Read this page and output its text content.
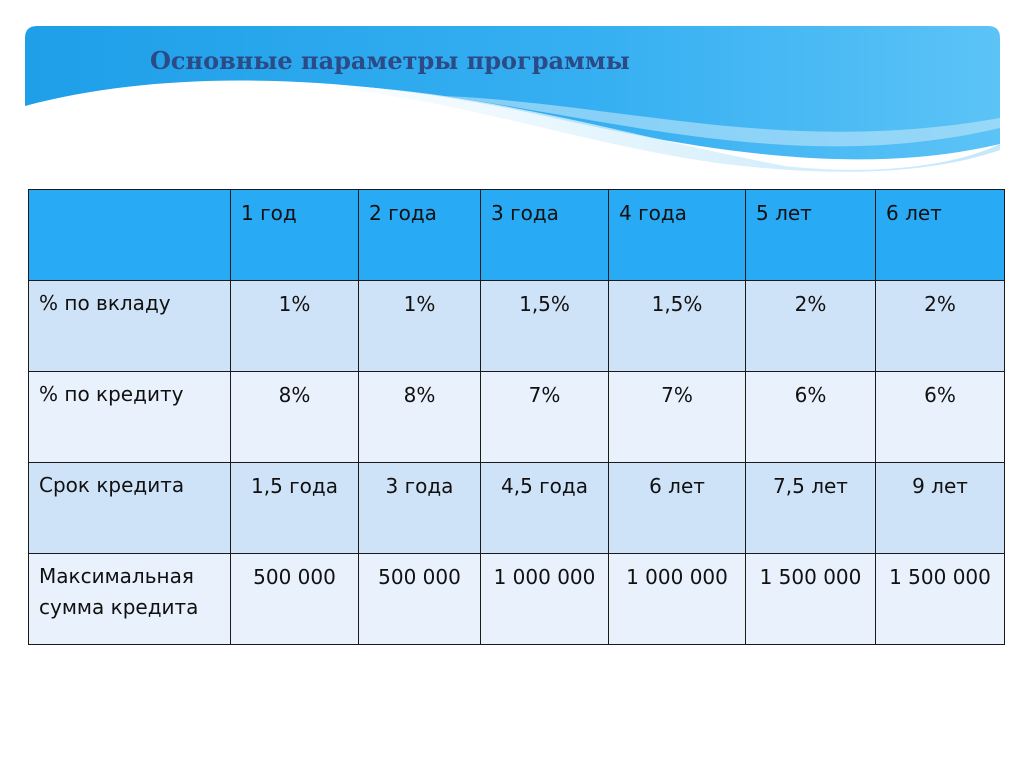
Основные параметры программы
	1 год	2 года	3 года	4 года	5 лет	6 лет

% по вкладу	1%	1%	1,5%	1,5%	2%	2%

% по кредиту	8%	8%	7%	7%	6%	6%

Срок кредита	1,5 года	3 года	4,5 года	6 лет	7,5 лет	9 лет

Максимальная сумма кредита	500 000	500 000	1 000 000	1 000 000	1 500 000	1 500 000
